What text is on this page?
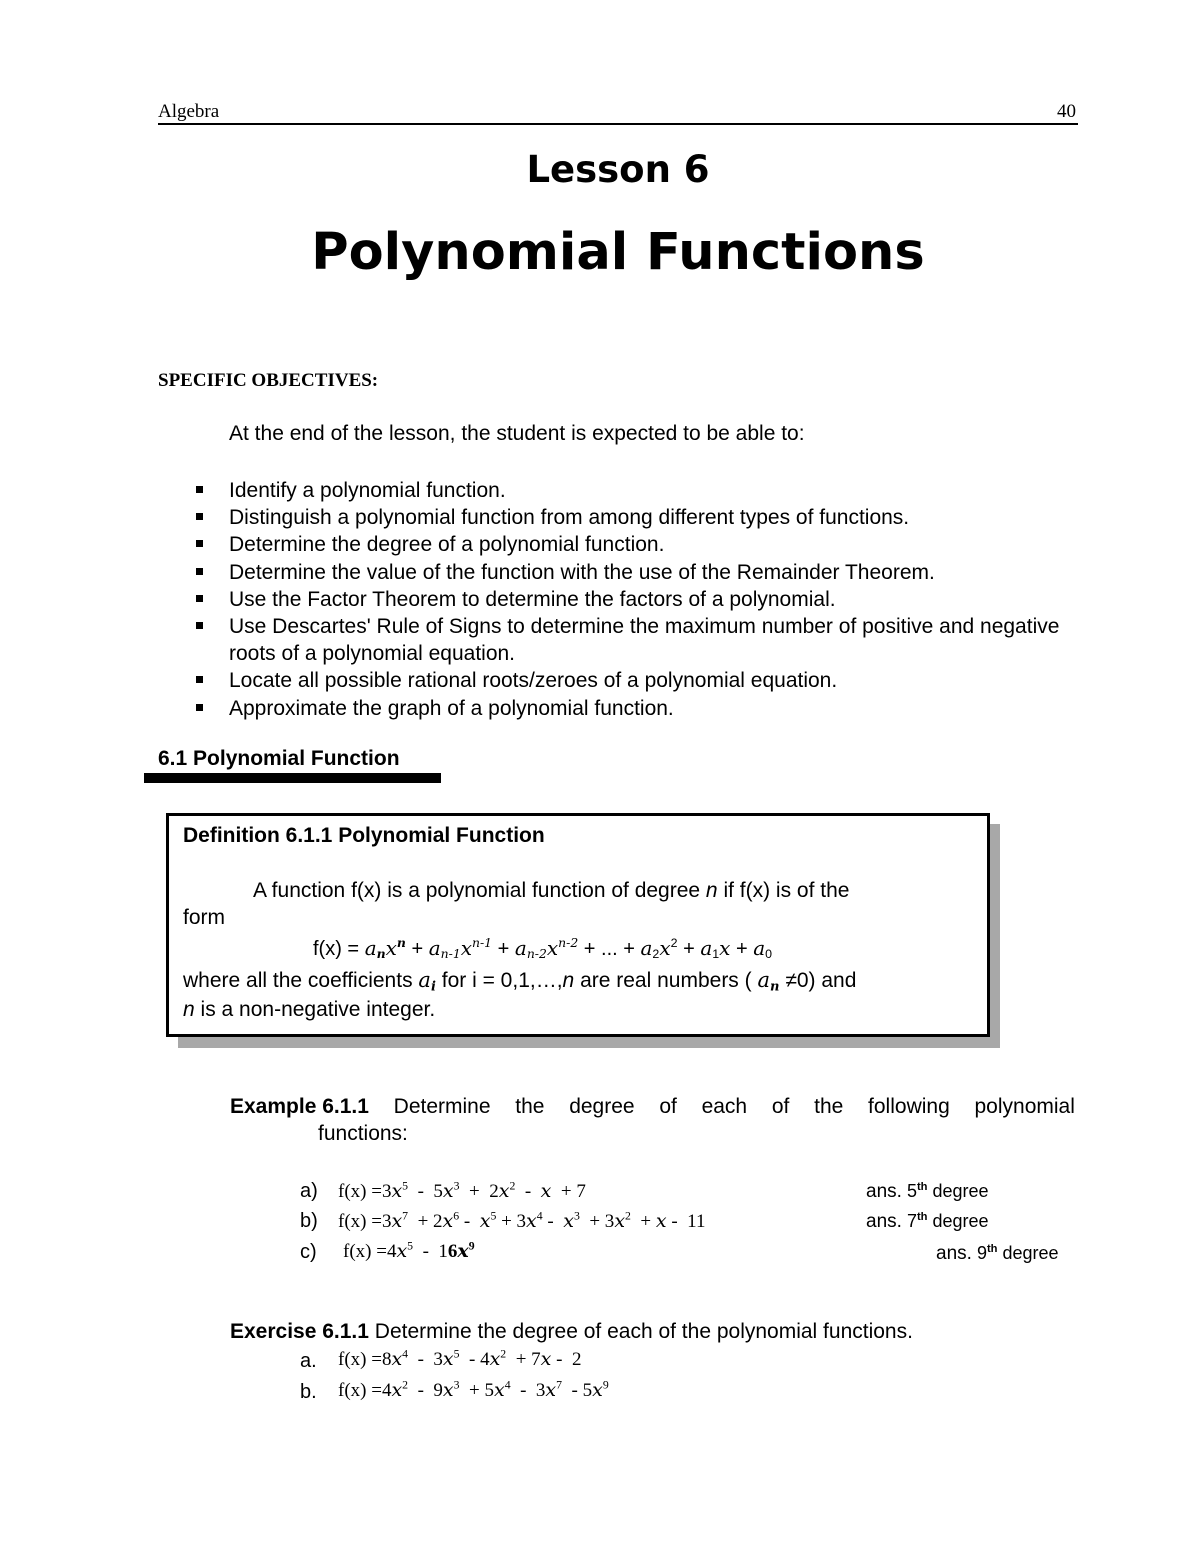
Algebra	40
Lesson 6
Polynomial Functions
SPECIFIC OBJECTIVES:
At the end of the lesson, the student is expected to be able to:
Identify a polynomial function.
Distinguish a polynomial function from among different types of functions.
Determine the degree of a polynomial function.
Determine the value of the function with the use of the Remainder Theorem.
Use the Factor Theorem to determine the factors of a polynomial.
Use Descartes' Rule of Signs to determine the maximum number of positive and negative roots of a polynomial equation.
Locate all possible rational roots/zeroes of a polynomial equation.
Approximate the graph of a polynomial function.
6.1 Polynomial Function
Definition 6.1.1 Polynomial Function
A function f(x) is a polynomial function of degree n if f(x) is of the
form
$f(x) = a_nx^n + a_{n-1}x^{n-1} + a_{n-2}x^{n-2}$ + ... + $a_2x^2 + a_1x + a_0$
where all the coefficients $a_i$ for i = 0,1,…,n are real numbers ( $a_n \ne 0$) and
n is a non-negative integer.
Example 6.1.1 Determine the degree of each of the following polynomial
functions:
a) $f(x) =3x^5 - 5x^3 + 2x^2 - x + 7$	ans. 5th degree
b) $f(x) =3x^7 + 2x^6 - x^5 + 3x^4 - x^3 + 3x^2 + x - 11$	ans. 7th degree
c) $f(x) =4x^5 - 16x^9$	ans. 9th degree
Exercise 6.1.1 Determine the degree of each of the polynomial functions.
a. $f(x) =8x^4 - 3x^5 - 4x^2 + 7x - 2$
b. $f(x) =4x^2 - 9x^3 + 5x^4 - 3x^7 - 5x^9$
